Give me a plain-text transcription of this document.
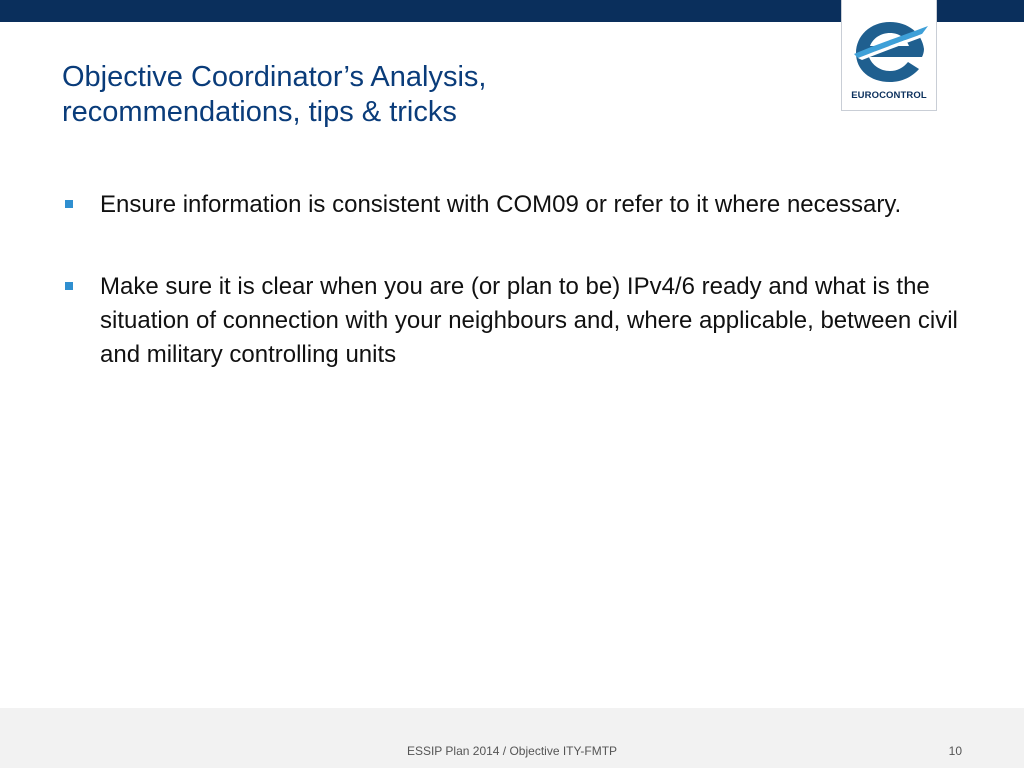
EUROCONTROL
Objective Coordinator’s Analysis,
recommendations, tips & tricks
Ensure information is consistent with COM09 or refer to it where necessary.
Make sure it is clear when you are (or plan to be) IPv4/6 ready and what is the situation of connection with your neighbours and, where applicable, between civil and military controlling units
ESSIP Plan 2014 / Objective ITY-FMTP	10
